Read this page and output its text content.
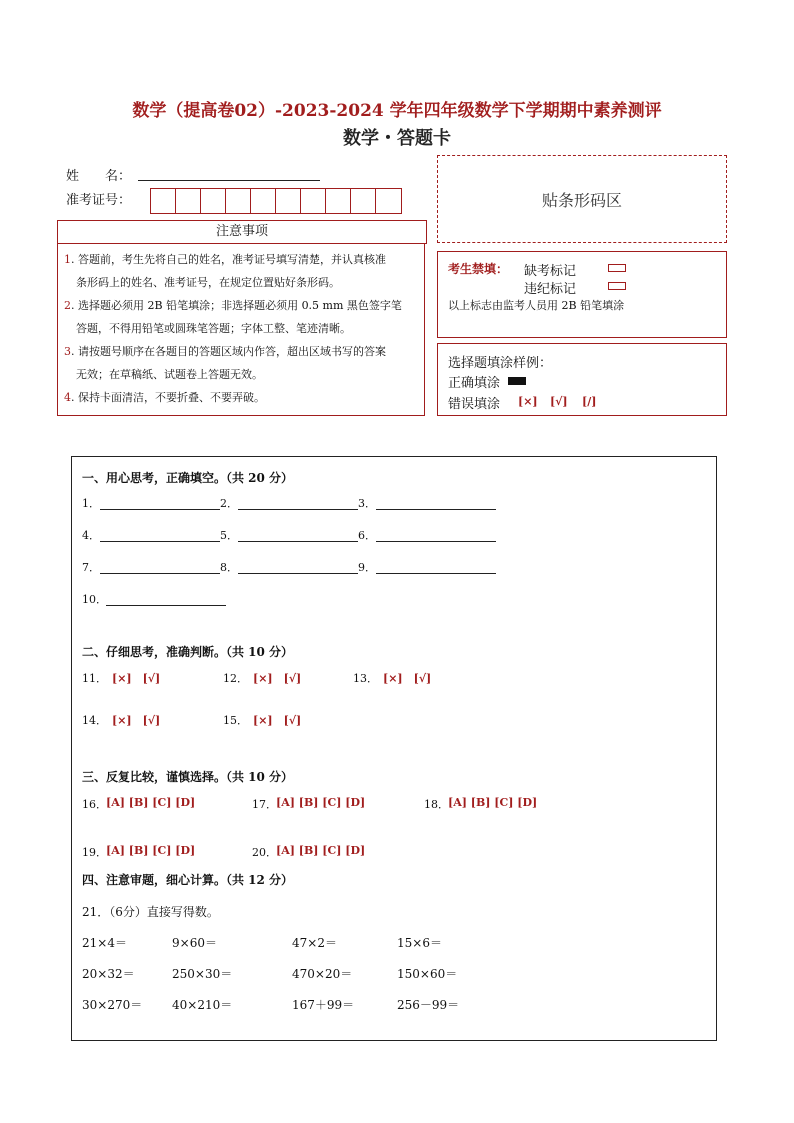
数学（提高卷02）-2023-2024 学年四年级数学下学期期中素养测评
数学・答题卡
姓　　名：
准考证号：
注意事项
1. 答题前，考生先将自己的姓名，准考证号填写清楚，并认真核准
条形码上的姓名、准考证号，在规定位置贴好条形码。
2. 选择题必须用 2B 铅笔填涂；非选择题必须用 0.5 mm 黑色签字笔
答题，不得用铅笔或圆珠笔答题；字体工整、笔迹清晰。
3. 请按题号顺序在各题目的答题区域内作答，超出区域书写的答案
无效；在草稿纸、试题卷上答题无效。
4. 保持卡面清洁，不要折叠、不要弄破。
贴条形码区
考生禁填： 缺考标记
违纪标记
以上标志由监考人员用 2B 铅笔填涂
选择题填涂样例：
正确填涂
错误填涂 [×] [√] [/]
一、用心思考，正确填空。（共 20 分）
1．	2．	3．
4．	5．	6．
7．	8．	9．
10．
二、仔细思考，准确判断。（共 10 分）
11． [×]　[√]	12． [×]　[√]	13． [×]　[√]
14． [×]　[√]	15． [×]　[√]
三、反复比较，谨慎选择。（共 10 分）
16． [A] [B] [C] [D]	17． [A] [B] [C] [D]	18． [A] [B] [C] [D]
19． [A] [B] [C] [D]	20． [A] [B] [C] [D]
四、注意审题，细心计算。（共 12 分）
21．（6分）直接写得数。
21×4＝	9×60＝	47×2＝	15×6＝
20×32＝	250×30＝	470×20＝	150×60＝
30×270＝ 40×210＝	167＋99＝	256－99＝
